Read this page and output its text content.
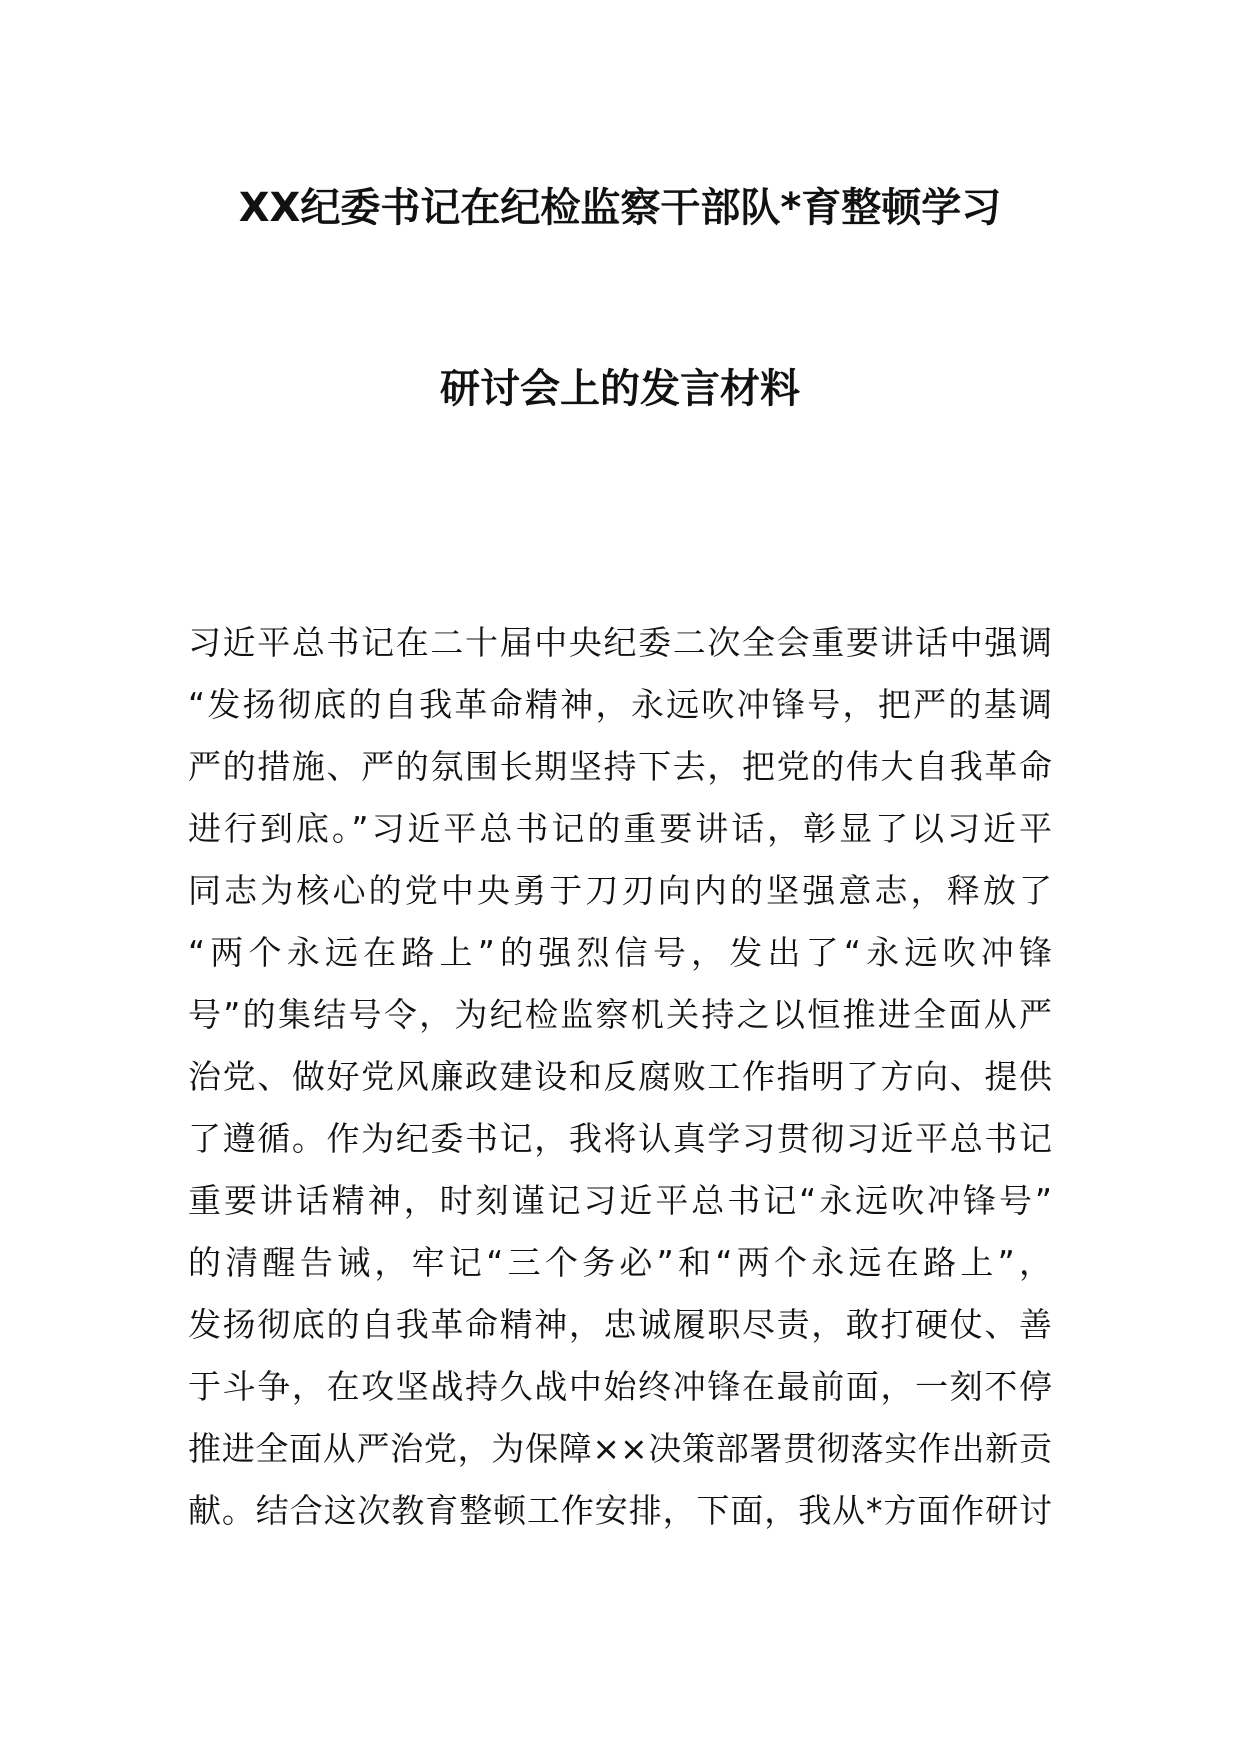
XX纪委书记在纪检监察干部队*育整顿学习
研讨会上的发言材料
习近平总书记在二十届中央纪委二次全会重要讲话中强调
“发扬彻底的自我革命精神，永远吹冲锋号，把严的基调
严的措施、严的氛围长期坚持下去，把党的伟大自我革命
进行到底。”习近平总书记的重要讲话，彰显了以习近平
同志为核心的党中央勇于刀刃向内的坚强意志，释放了
“两个永远在路上”的强烈信号，发出了“永远吹冲锋
号”的集结号令，为纪检监察机关持之以恒推进全面从严
治党、做好党风廉政建设和反腐败工作指明了方向、提供
了遵循。作为纪委书记，我将认真学习贯彻习近平总书记
重要讲话精神，时刻谨记习近平总书记“永远吹冲锋号”
的清醒告诫，牢记“三个务必”和“两个永远在路上”，
发扬彻底的自我革命精神，忠诚履职尽责，敢打硬仗、善
于斗争，在攻坚战持久战中始终冲锋在最前面，一刻不停
推进全面从严治党，为保障××决策部署贯彻落实作出新贡
献。结合这次教育整顿工作安排，下面，我从*方面作研讨
